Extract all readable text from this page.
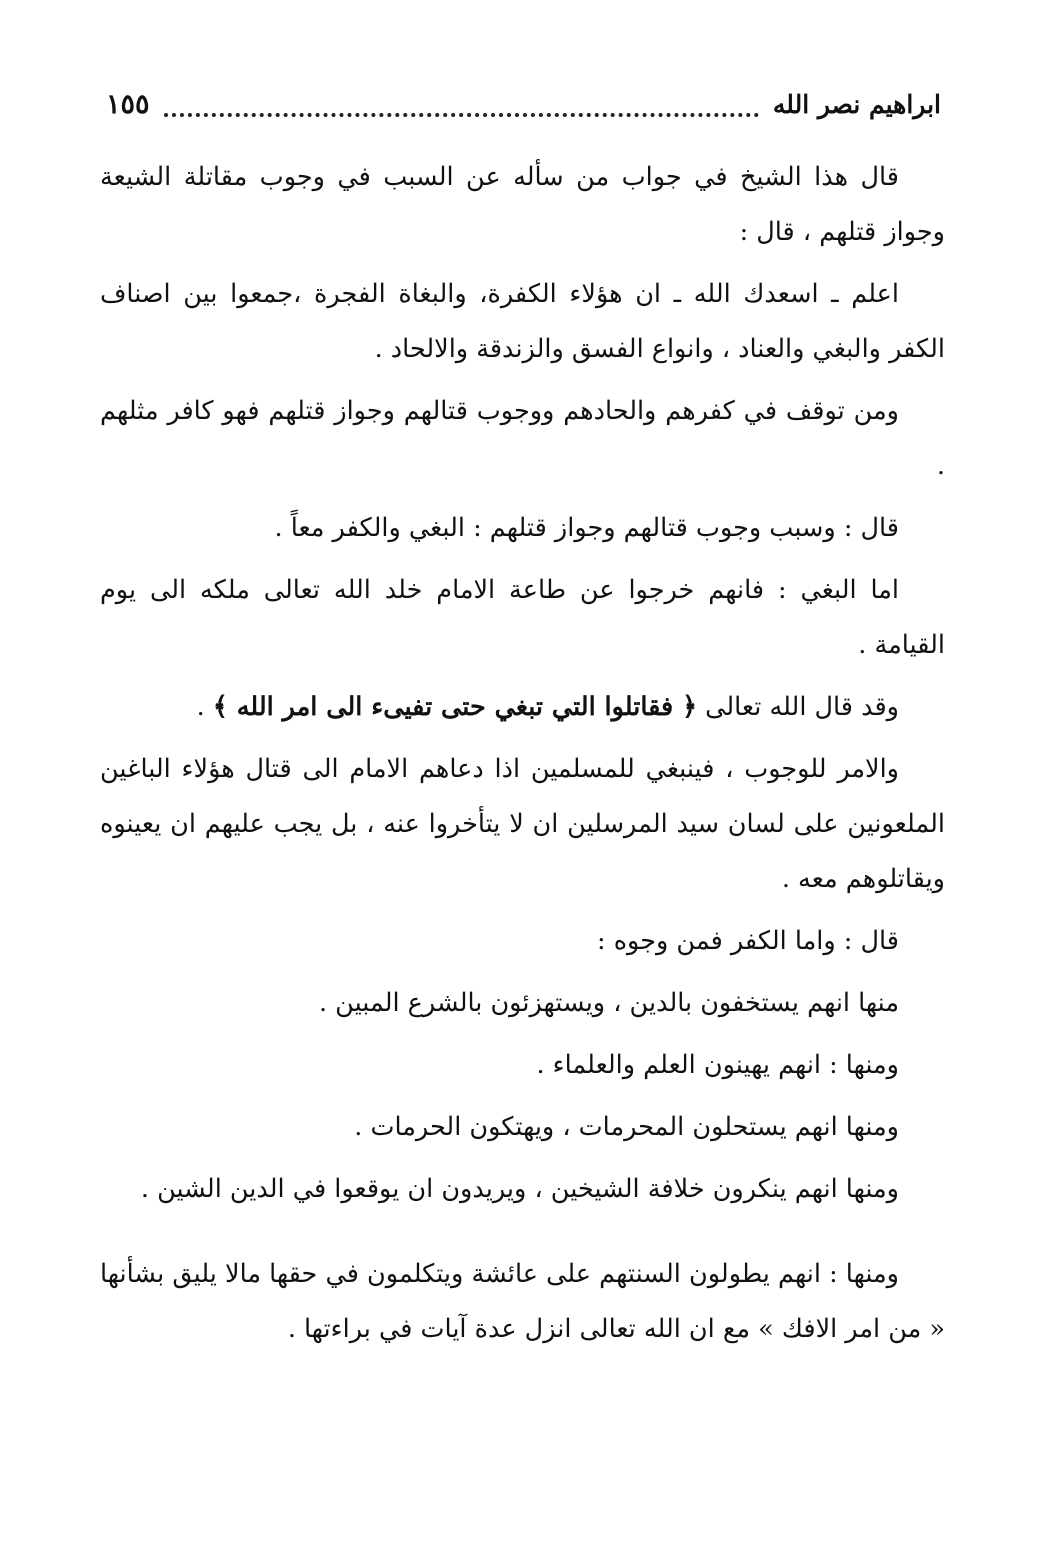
ابراهيم نصر الله
١٥٥

قال هذا الشيخ في جواب من سأله عن السبب في وجوب مقاتلة الشيعة وجواز قتلهم ، قال :

اعلم ـ اسعدك الله ـ ان هؤلاء الكفرة، والبغاة الفجرة ،جمعوا بين اصناف الكفر والبغي والعناد ، وانواع الفسق والزندقة والالحاد .

ومن توقف في كفرهم والحادهم ووجوب قتالهم وجواز قتلهم فهو كافر مثلهم .

قال : وسبب وجوب قتالهم وجواز قتلهم : البغي والكفر معاً .

اما البغي : فانهم خرجوا عن طاعة الامام خلد الله تعالى ملكه الى يوم القيامة .

وقد قال الله تعالى ﴿ فقاتلوا التي تبغي حتى تفيىء الى امر الله ﴾ .

والامر للوجوب ، فينبغي للمسلمين اذا دعاهم الامام الى قتال هؤلاء الباغين الملعونين على لسان سيد المرسلين ان لا يتأخروا عنه ، بل يجب عليهم ان يعينوه ويقاتلوهم معه .

قال : واما الكفر فمن وجوه :

منها انهم يستخفون بالدين ، ويستهزئون بالشرع المبين .

ومنها : انهم يهينون العلم والعلماء .

ومنها انهم يستحلون المحرمات ، ويهتكون الحرمات .

ومنها انهم ينكرون خلافة الشيخين ، ويريدون ان يوقعوا في الدين الشين .

ومنها : انهم يطولون السنتهم على عائشة ويتكلمون في حقها مالا يليق بشأنها « من امر الافك » مع ان الله تعالى انزل عدة آيات في براءتها .
